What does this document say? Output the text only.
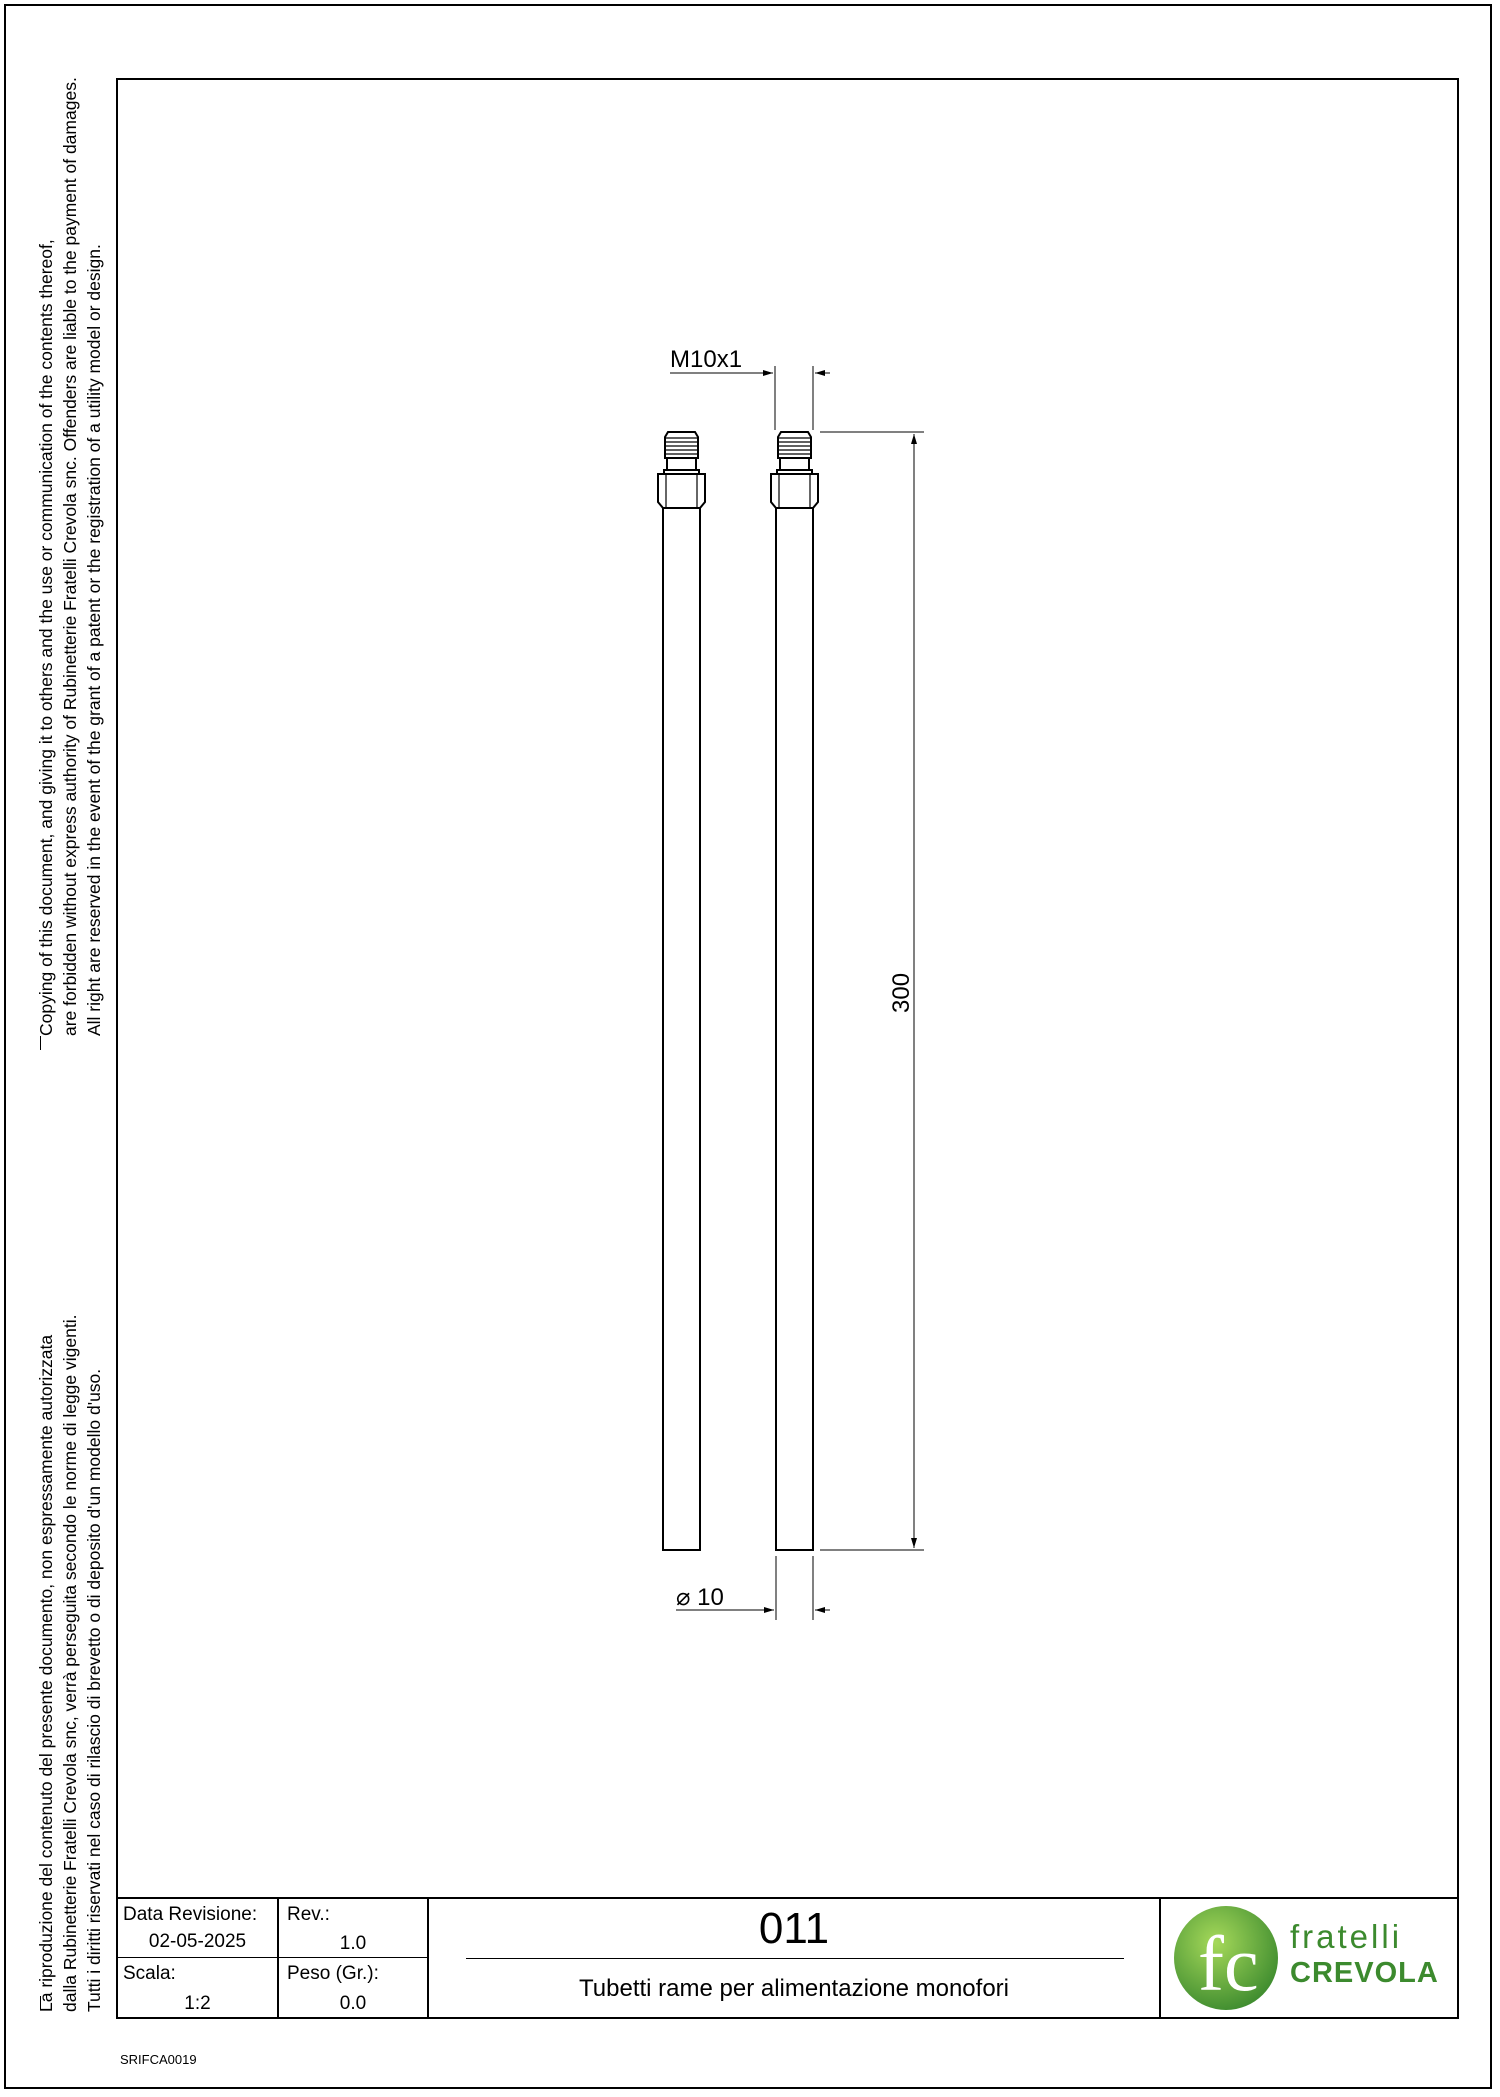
Copying of this document, and giving it to others and the use or communication of the contents thereof, are forbidden without express authority of Rubinetterie Fratelli Crevola snc. Offenders are liable to the payment of damages. All right are reserved in the event of the grant of a patent or the registration of a utility model or design.
La riproduzione del contenuto del presente documento, non espressamente autorizzata dalla Rubinetterie Fratelli Crevola snc, verrà perseguita secondo le norme di legge vigenti. Tutti i diritti riservati nel caso di rilascio di brevetto o di deposito d'un modello d'uso.
M10x1
300
⌀ 10
Data Revisione:
02-05-2025
Rev.:
1.0
Scala:
1:2
Peso (Gr.):
0.0
011
Tubetti rame per alimentazione monofori	fc fratelli
CREVOLA
SRIFCA0019
